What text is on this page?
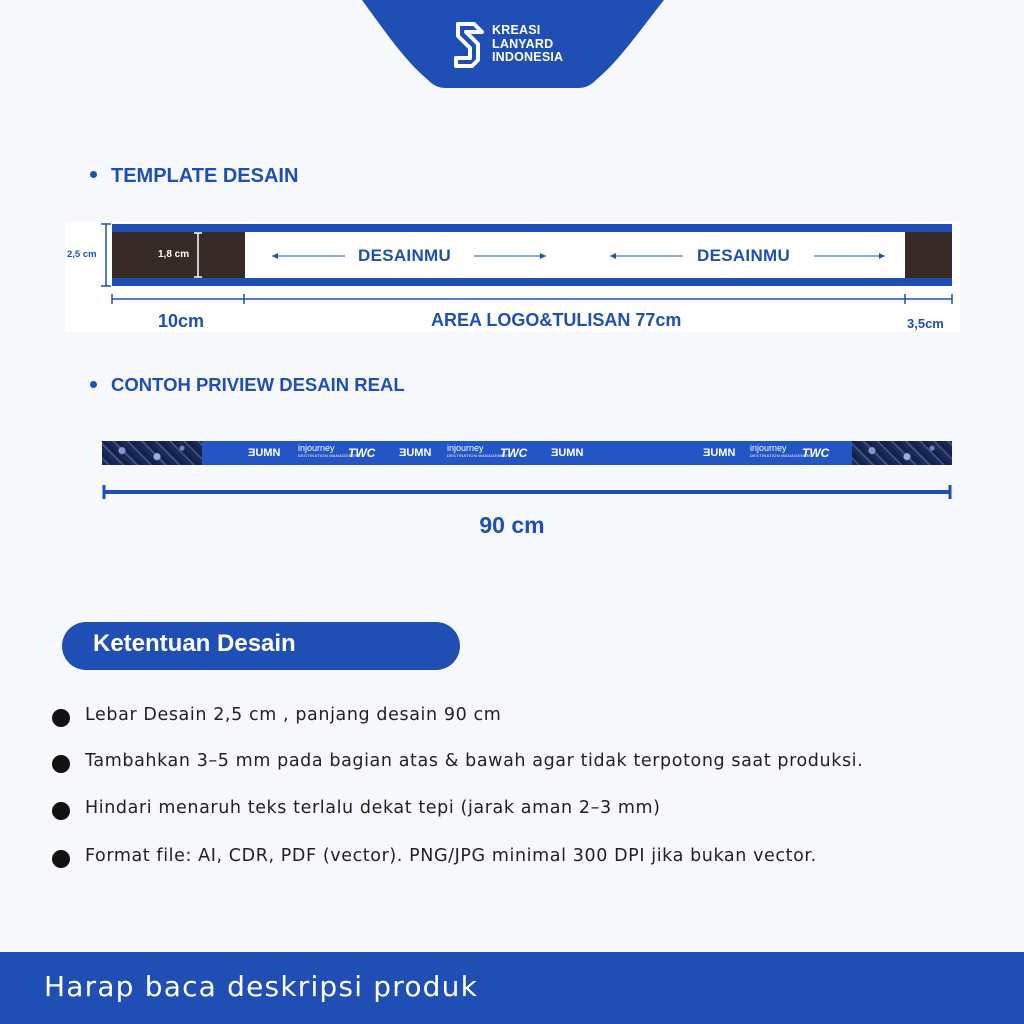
KREASI
LANYARD
INDONESIA
TEMPLATE DESAIN
2,5 cm	1,8 cm	DESAINMU	DESAINMU
10cm	AREA LOGO&TULISAN 77cm	3,5cm
CONTOH PRIVIEW DESAIN REAL
ƎUMN injourney
DESTINATION MANAGEMENT
TWC ƎUMN injourney
DESTINATION MANAGEMENT
TWC ƎUMN	ƎUMN injourney
DESTINATION MANAGEMENT
TWC
90 cm
Ketentuan Desain
Lebar Desain 2,5 cm , panjang desain 90 cm
Tambahkan 3–5 mm pada bagian atas & bawah agar tidak terpotong saat produksi.
Hindari menaruh teks terlalu dekat tepi (jarak aman 2–3 mm)
Format file: AI, CDR, PDF (vector). PNG/JPG minimal 300 DPI jika bukan vector.
Harap baca deskripsi produk
